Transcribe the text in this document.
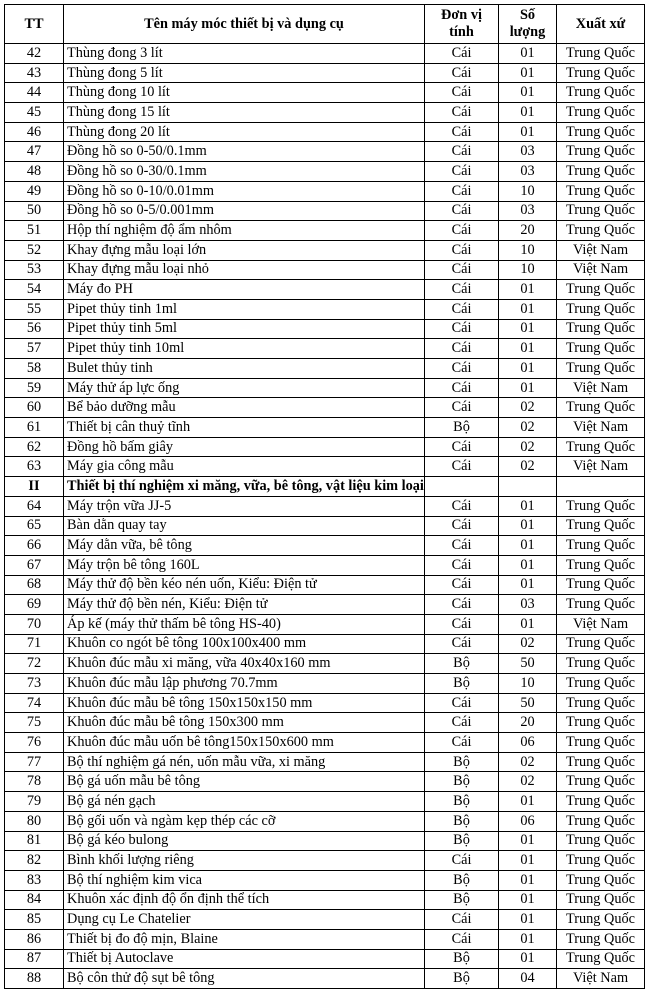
TT	Tên máy móc thiết bị và dụng cụ	Đơn vị tính	Số lượng	Xuất xứ
42	Thùng đong 3 lít	Cái	01	Trung Quốc
43	Thùng đong 5 lít	Cái	01	Trung Quốc
44	Thùng đong 10 lít	Cái	01	Trung Quốc
45	Thùng đong 15 lít	Cái	01	Trung Quốc
46	Thùng đong 20 lít	Cái	01	Trung Quốc
47	Đồng hồ so 0-50/0.1mm	Cái	03	Trung Quốc
48	Đồng hồ so 0-30/0.1mm	Cái	03	Trung Quốc
49	Đồng hồ so 0-10/0.01mm	Cái	10	Trung Quốc
50	Đồng hồ so 0-5/0.001mm	Cái	03	Trung Quốc
51	Hộp thí nghiệm độ ẩm nhôm	Cái	20	Trung Quốc
52	Khay đựng mẫu loại lớn	Cái	10	Việt Nam
53	Khay đựng mẫu loại nhỏ	Cái	10	Việt Nam
54	Máy đo PH	Cái	01	Trung Quốc
55	Pipet thủy tinh 1ml	Cái	01	Trung Quốc
56	Pipet thủy tinh 5ml	Cái	01	Trung Quốc
57	Pipet thủy tinh 10ml	Cái	01	Trung Quốc
58	Bulet thủy tinh	Cái	01	Trung Quốc
59	Máy thử áp lực ống	Cái	01	Việt Nam
60	Bể bảo dưỡng mẫu	Cái	02	Trung Quốc
61	Thiết bị cân thuỷ tĩnh	Bộ	02	Việt Nam
62	Đồng hồ bấm giây	Cái	02	Trung Quốc
63	Máy gia công mẫu	Cái	02	Việt Nam
II	Thiết bị thí nghiệm xi măng, vữa, bê tông, vật liệu kim loại			
64	Máy trộn vữa JJ-5	Cái	01	Trung Quốc
65	Bàn dằn quay tay	Cái	01	Trung Quốc
66	Máy dằn vữa, bê tông	Cái	01	Trung Quốc
67	Máy trộn bê tông 160L	Cái	01	Trung Quốc
68	Máy thử độ bền kéo nén uốn, Kiểu: Điện tử	Cái	01	Trung Quốc
69	Máy thử độ bền nén, Kiểu: Điện tử	Cái	03	Trung Quốc
70	Áp kế (máy thử thấm bê tông HS-40)	Cái	01	Việt Nam
71	Khuôn co ngót bê tông 100x100x400 mm	Cái	02	Trung Quốc
72	Khuôn đúc mẫu xi măng, vữa 40x40x160 mm	Bộ	50	Trung Quốc
73	Khuôn đúc mẫu lập phương 70.7mm	Bộ	10	Trung Quốc
74	Khuôn đúc mẫu bê tông 150x150x150 mm	Cái	50	Trung Quốc
75	Khuôn đúc mẫu bê tông 150x300 mm	Cái	20	Trung Quốc
76	Khuôn đúc mẫu uốn bê tông150x150x600 mm	Cái	06	Trung Quốc
77	Bộ thí nghiệm gá nén, uốn mẫu vữa, xi măng	Bộ	02	Trung Quốc
78	Bộ gá uốn mẫu bê tông	Bộ	02	Trung Quốc
79	Bộ gá nén gạch	Bộ	01	Trung Quốc
80	Bộ gối uốn và ngàm kẹp thép các cỡ	Bộ	06	Trung Quốc
81	Bộ gá kéo bulong	Bộ	01	Trung Quốc
82	Bình khối lượng riêng	Cái	01	Trung Quốc
83	Bộ thí nghiệm kim vica	Bộ	01	Trung Quốc
84	Khuôn xác định độ ổn định thể tích	Bộ	01	Trung Quốc
85	Dụng cụ Le Chatelier	Cái	01	Trung Quốc
86	Thiết bị đo độ mịn, Blaine	Cái	01	Trung Quốc
87	Thiết bị Autoclave	Bộ	01	Trung Quốc
88	Bộ côn thử độ sụt bê tông	Bộ	04	Việt Nam
